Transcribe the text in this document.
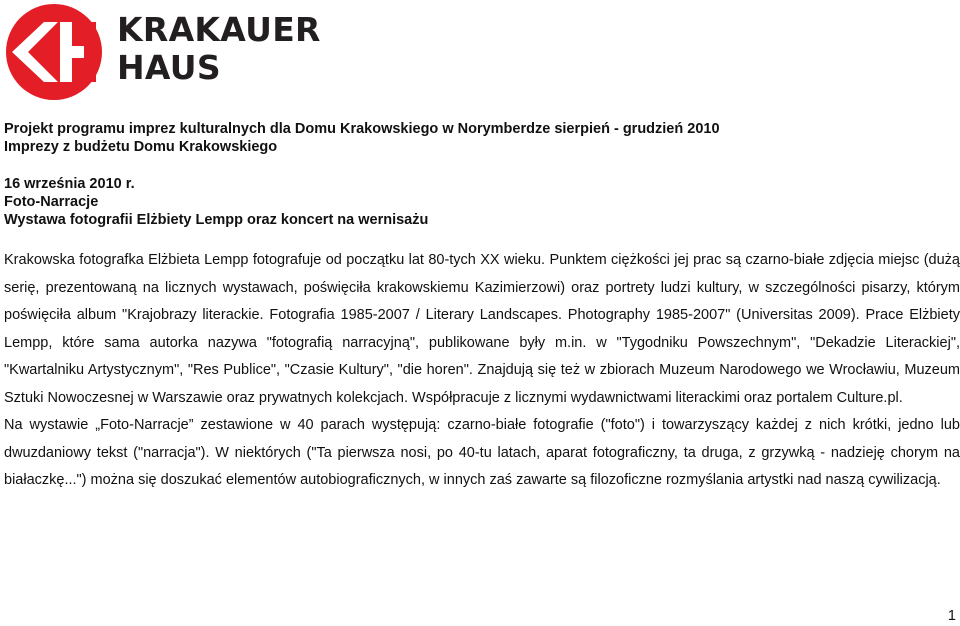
KRAKAUER
HAUS
Projekt programu imprez kulturalnych dla Domu Krakowskiego w Norymberdze sierpień - grudzień 2010
Imprezy z budżetu Domu Krakowskiego
16 września 2010 r.
Foto-Narracje
Wystawa fotografii Elżbiety Lempp oraz koncert na wernisażu

Krakowska fotografka Elżbieta Lempp fotografuje od początku lat 80-tych XX wieku. Punktem ciężkości jej prac są czarno-białe zdjęcia miejsc (dużą serię, prezentowaną na licznych wystawach, poświęciła krakowskiemu Kazimierzowi) oraz portrety ludzi kultury, w szczególności pisarzy, którym poświęciła album "Krajobrazy literackie. Fotografia 1985-2007 / Literary Landscapes. Photography 1985-2007" (Universitas 2009). Prace Elżbiety Lempp, które sama autorka nazywa "fotografią narracyjną", publikowane były m.in. w "Tygodniku Powszechnym", "Dekadzie Literackiej", "Kwartalniku Artystycznym", "Res Publice", "Czasie Kultury", "die horen". Znajdują się też w zbiorach Muzeum Narodowego we Wrocławiu, Muzeum Sztuki Nowoczesnej w Warszawie oraz prywatnych kolekcjach. Współpracuje z licznymi wydawnictwami literackimi oraz portalem Culture.pl.

Na wystawie „Foto-Narracje” zestawione w 40 parach występują: czarno-białe fotografie ("foto") i towarzyszący każdej z nich krótki, jedno lub dwuzdaniowy tekst ("narracja"). W niektórych ("Ta pierwsza nosi, po 40-tu latach, aparat fotograficzny, ta druga, z grzywką - nadzieję chorym na białaczkę...") można się doszukać elementów autobiograficznych, w innych zaś zawarte są filozoficzne rozmyślania artystki nad naszą cywilizacją.

1
